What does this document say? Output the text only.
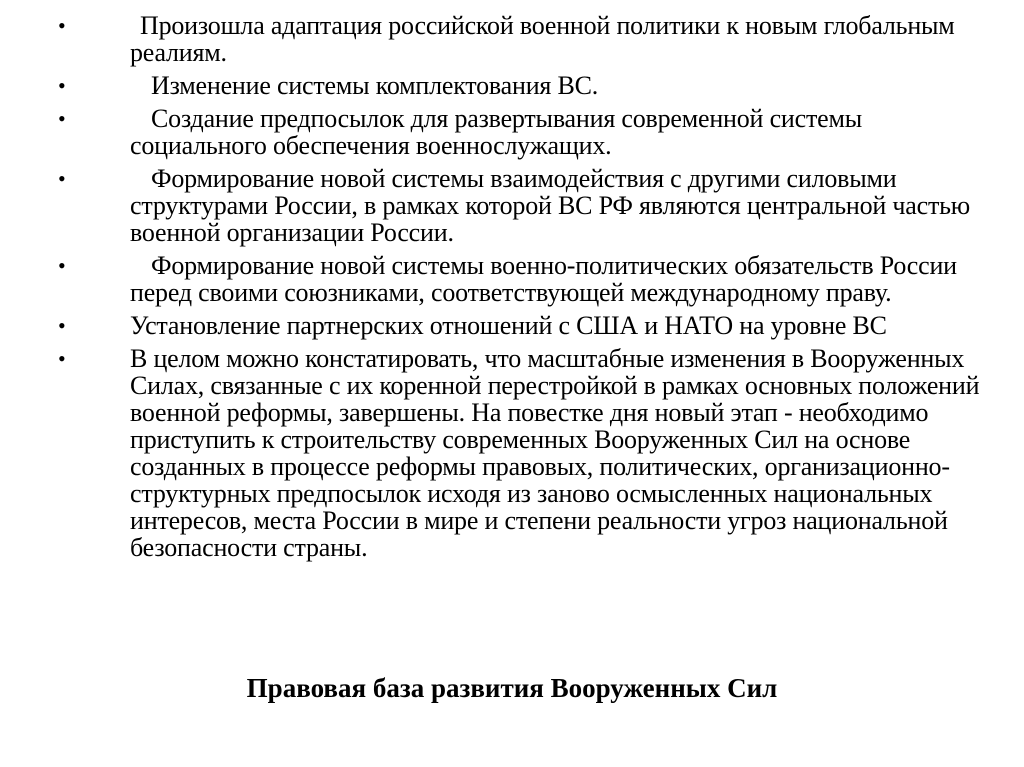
•	Произошла адаптация российской военной политики к новым глобальным реалиям.
•	Изменение системы комплектования ВС.
•	Создание предпосылок для развертывания современной системы социального обеспечения военнослужащих.
•	Формирование новой системы взаимодействия с другими силовыми структурами России, в рамках которой ВС РФ являются центральной частью военной организации России.
•	Формирование новой системы военно-политических обязательств России перед своими союзниками, соответствующей международному праву.
• Установление партнерских отношений с США и НАТО на уровне ВС
• В целом можно констатировать, что масштабные изменения в Вооруженных Силах, связанные с их коренной перестройкой в рамках основных положений военной реформы, завершены. На повестке дня новый этап - необходимо приступить к строительству современных Вооруженных Сил на основе созданных в процессе реформы правовых, политических, организационно-структурных предпосылок исходя из заново осмысленных национальных интересов, места России в мире и степени реальности угроз национальной безопасности страны.
Правовая база развития Вооруженных Сил
